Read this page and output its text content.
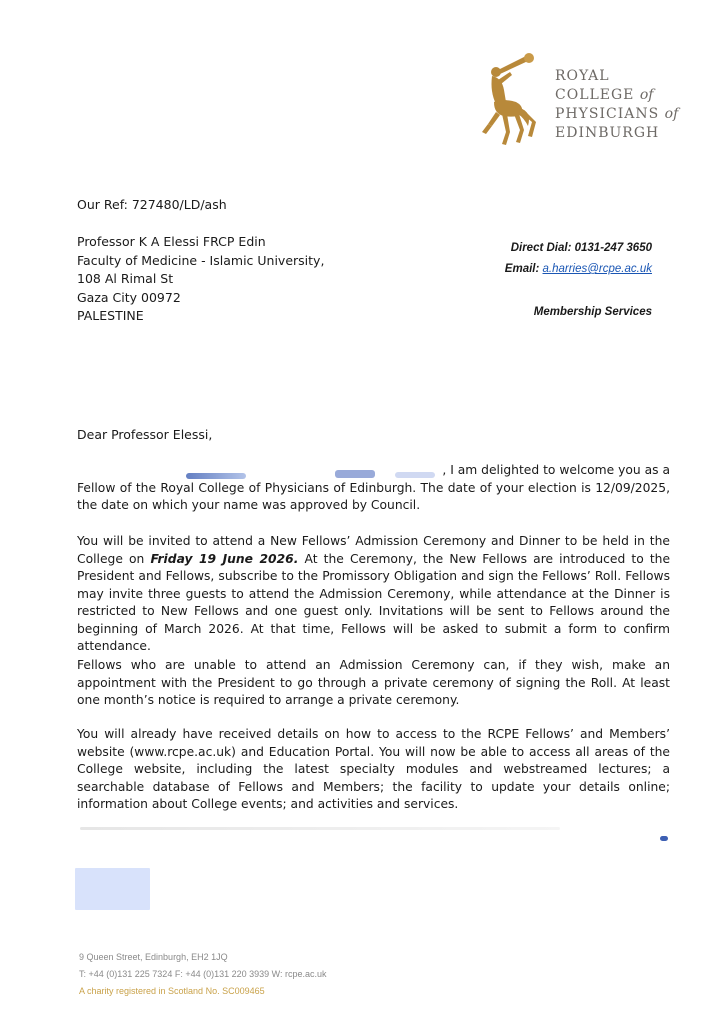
ROYAL
COLLEGE of
PHYSICIANS of
EDINBURGH
Our Ref: 727480/LD/ash
Professor K A Elessi FRCP Edin
Faculty of Medicine - Islamic University,
108 Al Rimal St
Gaza City 00972
PALESTINE
Direct Dial: 0131-247 3650
Email: a.harries@rcpe.ac.uk
Membership Services
Dear Professor Elessi,
, I am delighted to welcome you as a
Fellow of the Royal College of Physicians of Edinburgh. The date of your election is 12/09/2025, the date on which your name was approved by Council.
You will be invited to attend a New Fellows’ Admission Ceremony and Dinner to be held in the College on Friday 19 June 2026. At the Ceremony, the New Fellows are introduced to the President and Fellows, subscribe to the Promissory Obligation and sign the Fellows’ Roll. Fellows may invite three guests to attend the Admission Ceremony, while attendance at the Dinner is restricted to New Fellows and one guest only. Invitations will be sent to Fellows around the beginning of March 2026. At that time, Fellows will be asked to submit a form to confirm attendance.
Fellows who are unable to attend an Admission Ceremony can, if they wish, make an appointment with the President to go through a private ceremony of signing the Roll. At least one month’s notice is required to arrange a private ceremony.
You will already have received details on how to access to the RCPE Fellows’ and Members’ website (www.rcpe.ac.uk) and Education Portal. You will now be able to access all areas of the College website, including the latest specialty modules and webstreamed lectures; a searchable database of Fellows and Members; the facility to update your details online; information about College events; and activities and services.
9 Queen Street, Edinburgh, EH2 1JQ
T: +44 (0)131 225 7324 F: +44 (0)131 220 3939 W: rcpe.ac.uk
A charity registered in Scotland No. SC009465
